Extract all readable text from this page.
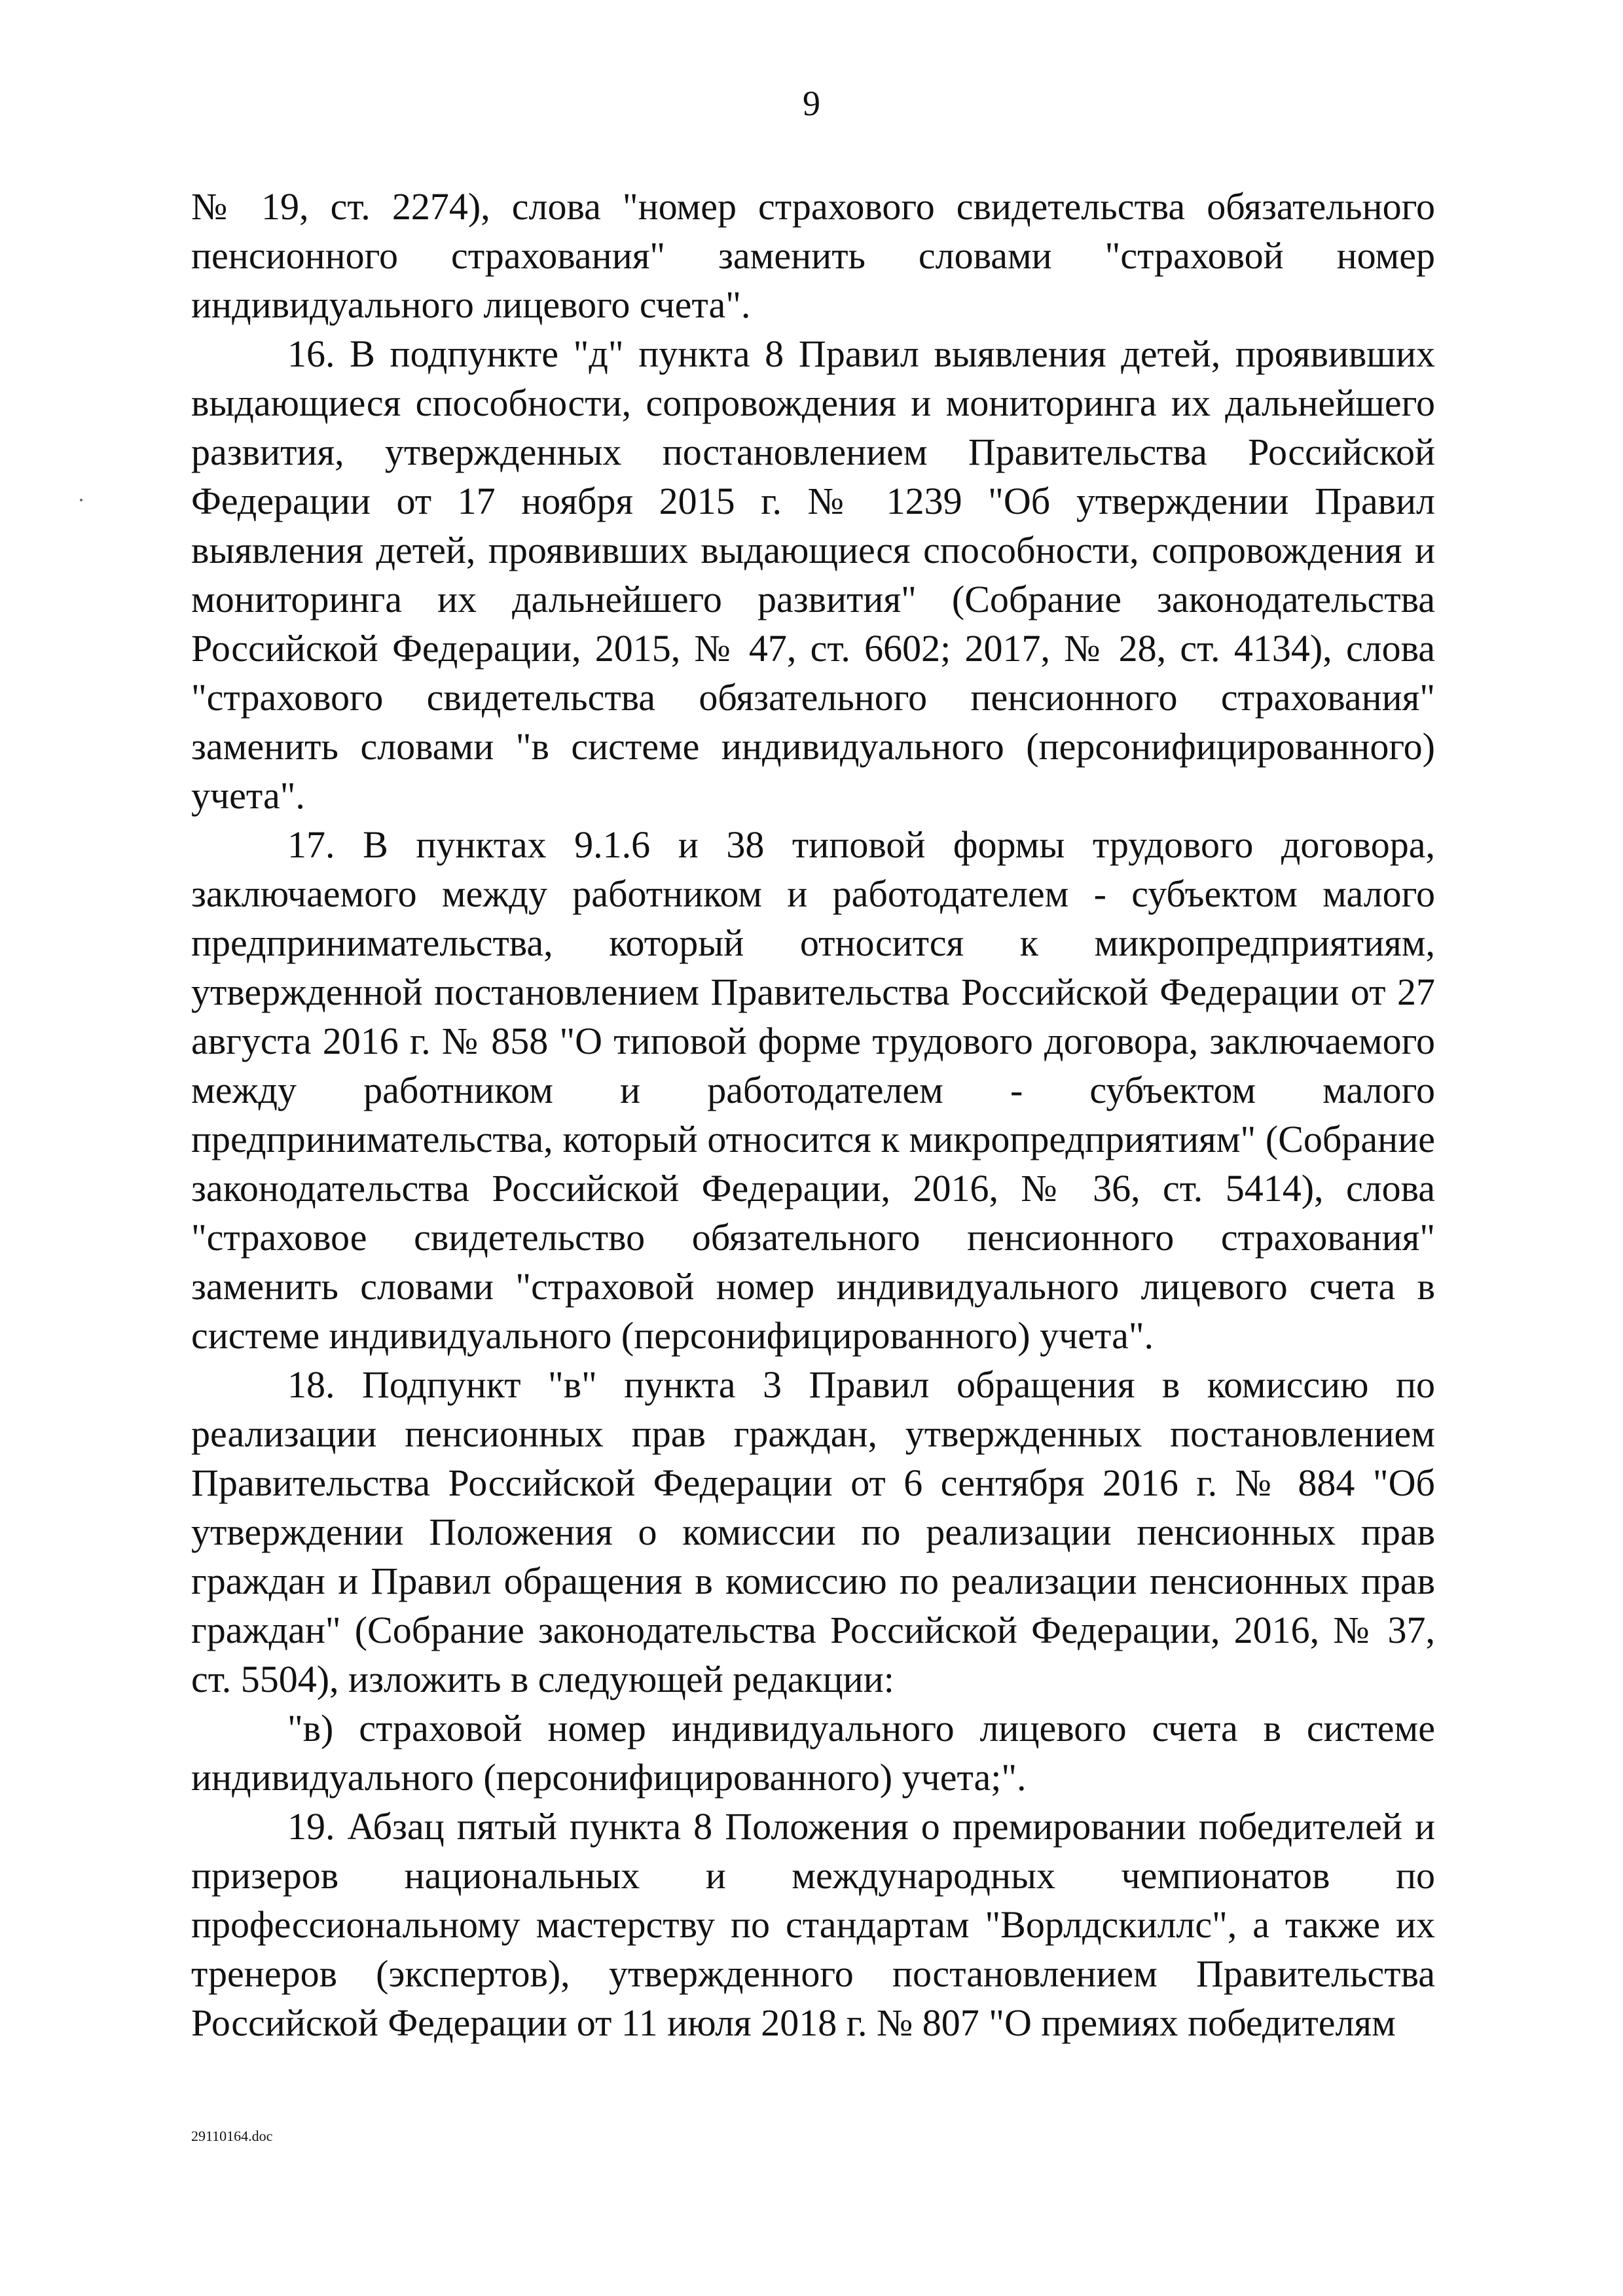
9

№ 19, ст. 2274), слова "номер страхового свидетельства обязательного пенсионного страхования" заменить словами "страховой номер индивидуального лицевого счета".

16. В подпункте "д" пункта 8 Правил выявления детей, проявивших выдающиеся способности, сопровождения и мониторинга их дальнейшего развития, утвержденных постановлением Правительства Российской Федерации от 17 ноября 2015 г. № 1239 "Об утверждении Правил выявления детей, проявивших выдающиеся способности, сопровождения и мониторинга их дальнейшего развития" (Собрание законодательства Российской Федерации, 2015, № 47, ст. 6602; 2017, № 28, ст. 4134), слова "страхового свидетельства обязательного пенсионного страхования" заменить словами "в системе индивидуального (персонифицированного) учета".

17. В пунктах 9.1.6 и 38 типовой формы трудового договора, заключаемого между работником и работодателем - субъектом малого предпринимательства, который относится к микропредприятиям, утвержденной постановлением Правительства Российской Федерации от 27 августа 2016 г. № 858 "О типовой форме трудового договора, заключаемого между работником и работодателем - субъектом малого предпринимательства, который относится к микропредприятиям" (Собрание законодательства Российской Федерации, 2016, № 36, ст. 5414), слова "страховое свидетельство обязательного пенсионного страхования" заменить словами "страховой номер индивидуального лицевого счета в системе индивидуального (персонифицированного) учета".

18. Подпункт "в" пункта 3 Правил обращения в комиссию по реализации пенсионных прав граждан, утвержденных постановлением Правительства Российской Федерации от 6 сентября 2016 г. № 884 "Об утверждении Положения о комиссии по реализации пенсионных прав граждан и Правил обращения в комиссию по реализации пенсионных прав граждан" (Собрание законодательства Российской Федерации, 2016, № 37, ст. 5504), изложить в следующей редакции:

"в) страховой номер индивидуального лицевого счета в системе индивидуального (персонифицированного) учета;".

19. Абзац пятый пункта 8 Положения о премировании победителей и призеров национальных и международных чемпионатов по профессиональному мастерству по стандартам "Ворлдскиллс", а также их тренеров (экспертов), утвержденного постановлением Правительства Российской Федерации от 11 июля 2018 г. № 807 "О премиях победителям

29110164.doc
